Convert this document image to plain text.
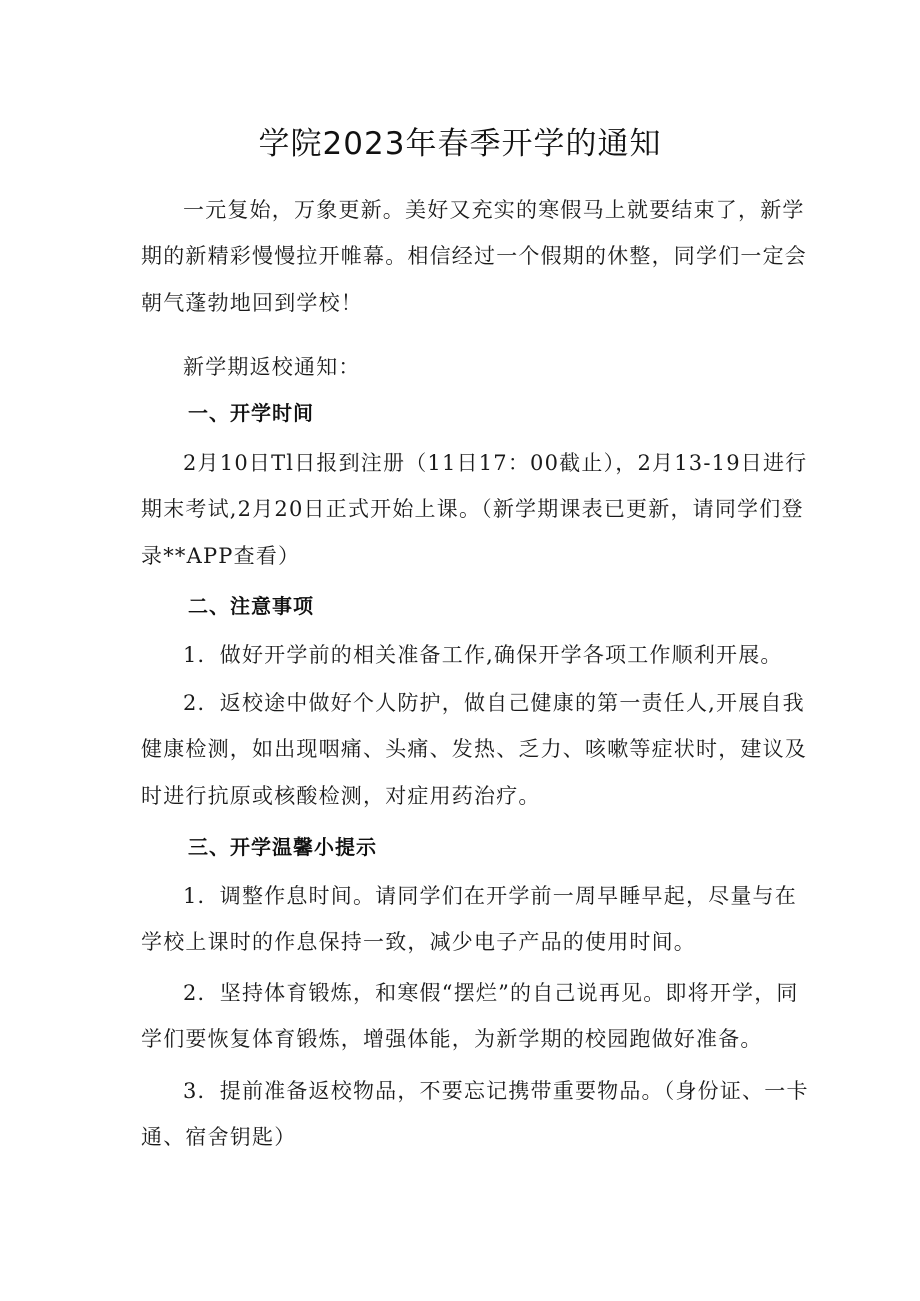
学院2023年春季开学的通知

一元复始，万象更新。美好又充实的寒假马上就要结束了，新学期的新精彩慢慢拉开帷幕。相信经过一个假期的休整，同学们一定会朝气蓬勃地回到学校！

新学期返校通知：

一、开学时间

2月10日Tl日报到注册（11日17：00截止），2月13-19日进行期末考试,2月20日正式开始上课。（新学期课表已更新，请同学们登录**APP查看）

二、注意事项

1．做好开学前的相关准备工作,确保开学各项工作顺利开展。

2．返校途中做好个人防护，做自己健康的第一责任人,开展自我健康检测，如出现咽痛、头痛、发热、乏力、咳嗽等症状时，建议及时进行抗原或核酸检测，对症用药治疗。

三、开学温馨小提示

1．调整作息时间。请同学们在开学前一周早睡早起，尽量与在学校上课时的作息保持一致，减少电子产品的使用时间。

2．坚持体育锻炼，和寒假“摆烂”的自己说再见。即将开学，同学们要恢复体育锻炼，增强体能，为新学期的校园跑做好准备。

3．提前准备返校物品，不要忘记携带重要物品。（身份证、一卡通、宿舍钥匙）
